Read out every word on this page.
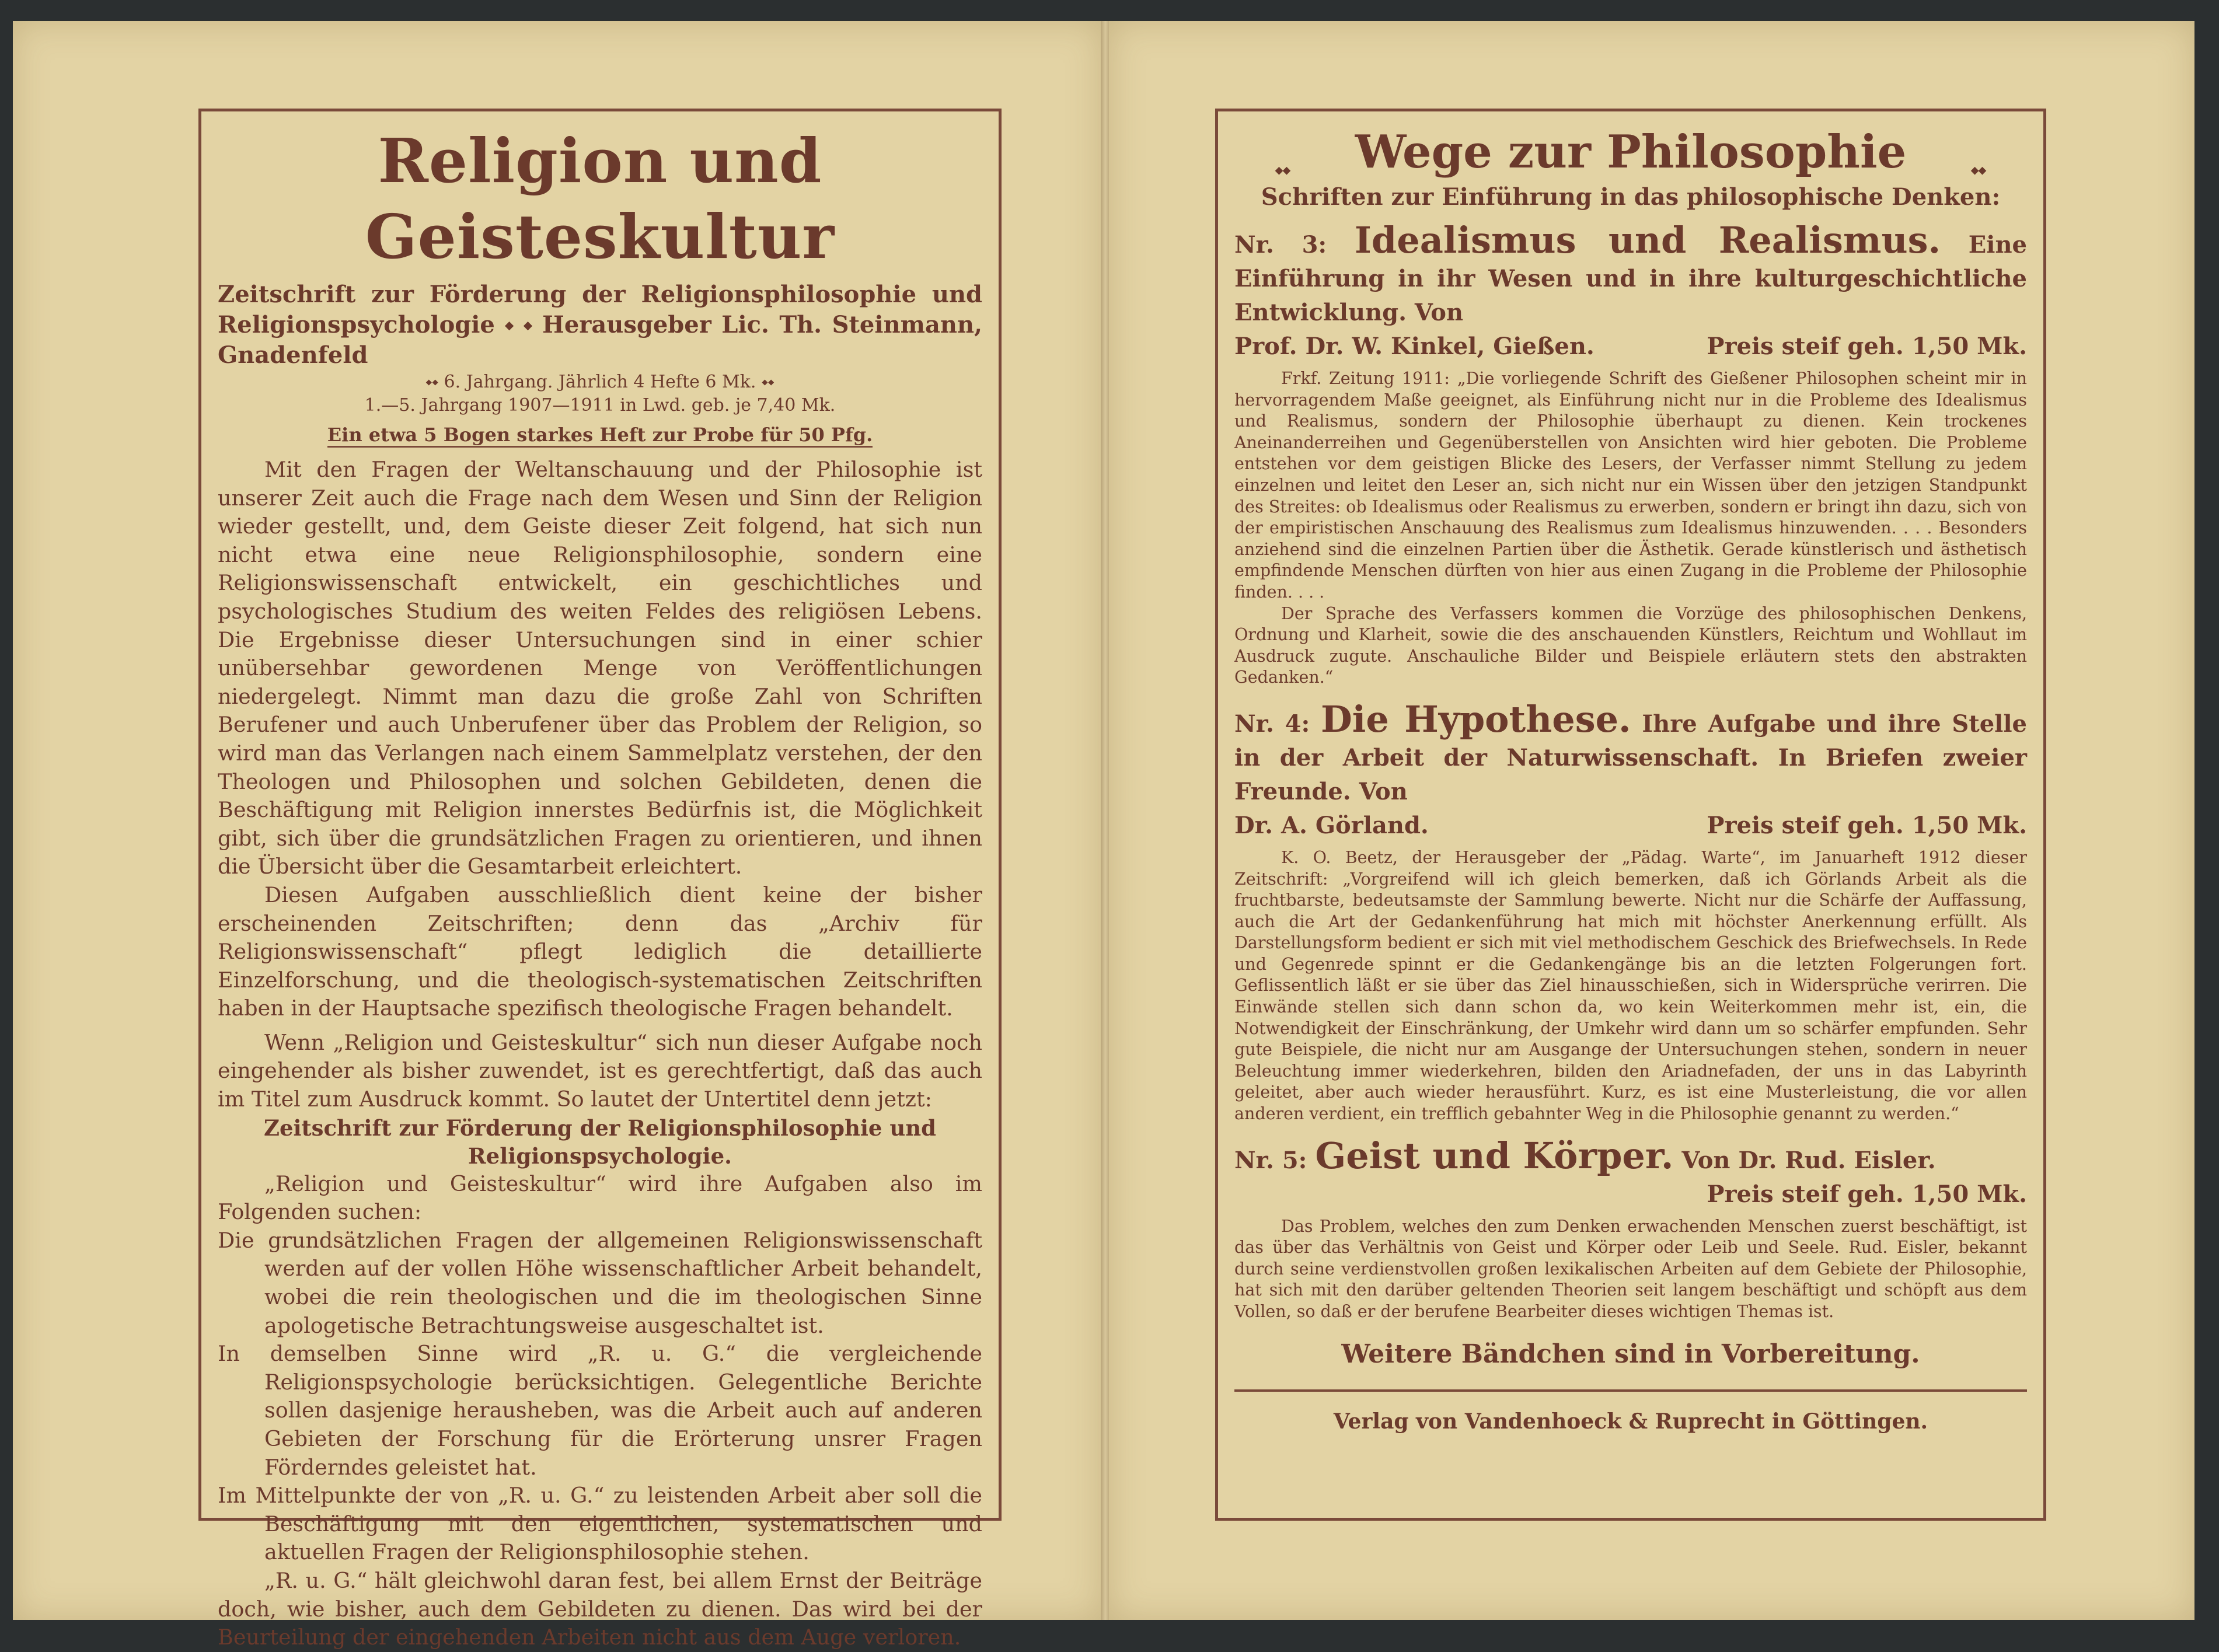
Religion und Geisteskultur

Zeitschrift zur Förderung der Religionsphilosophie und Religionspsychologie ⬩ ⬩ Herausgeber Lic. Th. Steinmann, Gnadenfeld

⬩⬩ 6. Jahrgang. Jährlich 4 Hefte 6 Mk. ⬩⬩
1.—5. Jahrgang 1907—1911 in Lwd. geb. je 7,40 Mk.
Ein etwa 5 Bogen starkes Heft zur Probe für 50 Pfg.

Mit den Fragen der Weltanschauung und der Philosophie ist unserer Zeit auch die Frage nach dem Wesen und Sinn der Religion wieder gestellt, und, dem Geiste dieser Zeit folgend, hat sich nun nicht etwa eine neue Religionsphilosophie, sondern eine Religionswissenschaft entwickelt, ein geschichtliches und psychologisches Studium des weiten Feldes des religiösen Lebens. Die Ergebnisse dieser Untersuchungen sind in einer schier unübersehbar gewordenen Menge von Veröffentlichungen niedergelegt. Nimmt man dazu die große Zahl von Schriften Berufener und auch Unberufener über das Problem der Religion, so wird man das Verlangen nach einem Sammelplatz verstehen, der den Theologen und Philosophen und solchen Gebildeten, denen die Beschäftigung mit Religion innerstes Bedürfnis ist, die Möglichkeit gibt, sich über die grundsätzlichen Fragen zu orientieren, und ihnen die Übersicht über die Gesamtarbeit erleichtert.

Diesen Aufgaben ausschließlich dient keine der bisher erscheinenden Zeitschriften; denn das „Archiv für Religionswissenschaft“ pflegt lediglich die detaillierte Einzelforschung, und die theologisch-systematischen Zeitschriften haben in der Hauptsache spezifisch theologische Fragen behandelt.

Wenn „Religion und Geisteskultur“ sich nun dieser Aufgabe noch eingehender als bisher zuwendet, ist es gerechtfertigt, daß das auch im Titel zum Ausdruck kommt. So lautet der Untertitel denn jetzt:

Zeitschrift zur Förderung der Religionsphilosophie und Religionspsychologie.

„Religion und Geisteskultur“ wird ihre Aufgaben also im Folgenden suchen:

Die grundsätzlichen Fragen der allgemeinen Religionswissenschaft werden auf der vollen Höhe wissenschaftlicher Arbeit behandelt, wobei die rein theologischen und die im theologischen Sinne apologetische Betrachtungsweise ausgeschaltet ist.

In demselben Sinne wird „R. u. G.“ die vergleichende Religionspsychologie berücksichtigen. Gelegentliche Berichte sollen dasjenige herausheben, was die Arbeit auch auf anderen Gebieten der Forschung für die Erörterung unsrer Fragen Förderndes geleistet hat.

Im Mittelpunkte der von „R. u. G.“ zu leistenden Arbeit aber soll die Beschäftigung mit den eigentlichen, systematischen und aktuellen Fragen der Religionsphilosophie stehen.

„R. u. G.“ hält gleichwohl daran fest, bei allem Ernst der Beiträge doch, wie bisher, auch dem Gebildeten zu dienen. Das wird bei der Beurteilung der eingehenden Arbeiten nicht aus dem Auge verloren.

⬩⬩ Wege zur Philosophie	⬩⬩
Schriften zur Einführung in das philosophische Denken:

Nr. 3: Idealismus und Realismus. Eine Einführung in ihr Wesen und in ihre kulturgeschichtliche Entwicklung. Von

Prof. Dr. W. Kinkel, Gießen.	Preis steif geh. 1,50 Mk.

Frkf. Zeitung 1911: „Die vorliegende Schrift des Gießener Philosophen scheint mir in hervorragendem Maße geeignet, als Einführung nicht nur in die Probleme des Idealismus und Realismus, sondern der Philosophie überhaupt zu dienen. Kein trockenes Aneinanderreihen und Gegenüberstellen von Ansichten wird hier geboten. Die Probleme entstehen vor dem geistigen Blicke des Lesers, der Verfasser nimmt Stellung zu jedem einzelnen und leitet den Leser an, sich nicht nur ein Wissen über den jetzigen Standpunkt des Streites: ob Idealismus oder Realismus zu erwerben, sondern er bringt ihn dazu, sich von der empiristischen Anschauung des Realismus zum Idealismus hinzuwenden. . . . Besonders anziehend sind die einzelnen Partien über die Ästhetik. Gerade künstlerisch und ästhetisch empfindende Menschen dürften von hier aus einen Zugang in die Probleme der Philosophie finden. . . .

Der Sprache des Verfassers kommen die Vorzüge des philosophischen Denkens, Ordnung und Klarheit, sowie die des anschauenden Künstlers, Reichtum und Wohllaut im Ausdruck zugute. Anschauliche Bilder und Beispiele erläutern stets den abstrakten Gedanken.“

Nr. 4: Die Hypothese. Ihre Aufgabe und ihre Stelle in der Arbeit der Naturwissenschaft. In Briefen zweier Freunde. Von

Dr. A. Görland.	Preis steif geh. 1,50 Mk.

K. O. Beetz, der Herausgeber der „Pädag. Warte“, im Januarheft 1912 dieser Zeitschrift: „Vorgreifend will ich gleich bemerken, daß ich Görlands Arbeit als die fruchtbarste, bedeutsamste der Sammlung bewerte. Nicht nur die Schärfe der Auffassung, auch die Art der Gedankenführung hat mich mit höchster Anerkennung erfüllt. Als Darstellungsform bedient er sich mit viel methodischem Geschick des Briefwechsels. In Rede und Gegenrede spinnt er die Gedankengänge bis an die letzten Folgerungen fort. Geflissentlich läßt er sie über das Ziel hinausschießen, sich in Widersprüche verirren. Die Einwände stellen sich dann schon da, wo kein Weiterkommen mehr ist, ein, die Notwendigkeit der Einschränkung, der Umkehr wird dann um so schärfer empfunden. Sehr gute Beispiele, die nicht nur am Ausgange der Untersuchungen stehen, sondern in neuer Beleuchtung immer wiederkehren, bilden den Ariadnefaden, der uns in das Labyrinth geleitet, aber auch wieder herausführt. Kurz, es ist eine Musterleistung, die vor allen anderen verdient, ein trefflich gebahnter Weg in die Philosophie genannt zu werden.“

Nr. 5: Geist und Körper. Von Dr. Rud. Eisler.

Preis steif geh. 1,50 Mk.

Das Problem, welches den zum Denken erwachenden Menschen zuerst beschäftigt, ist das über das Verhältnis von Geist und Körper oder Leib und Seele. Rud. Eisler, bekannt durch seine verdienstvollen großen lexikalischen Arbeiten auf dem Gebiete der Philosophie, hat sich mit den darüber geltenden Theorien seit langem beschäftigt und schöpft aus dem Vollen, so daß er der berufene Bearbeiter dieses wichtigen Themas ist.

Weitere Bändchen sind in Vorbereitung.
Verlag von Vandenhoeck & Ruprecht in Göttingen.
